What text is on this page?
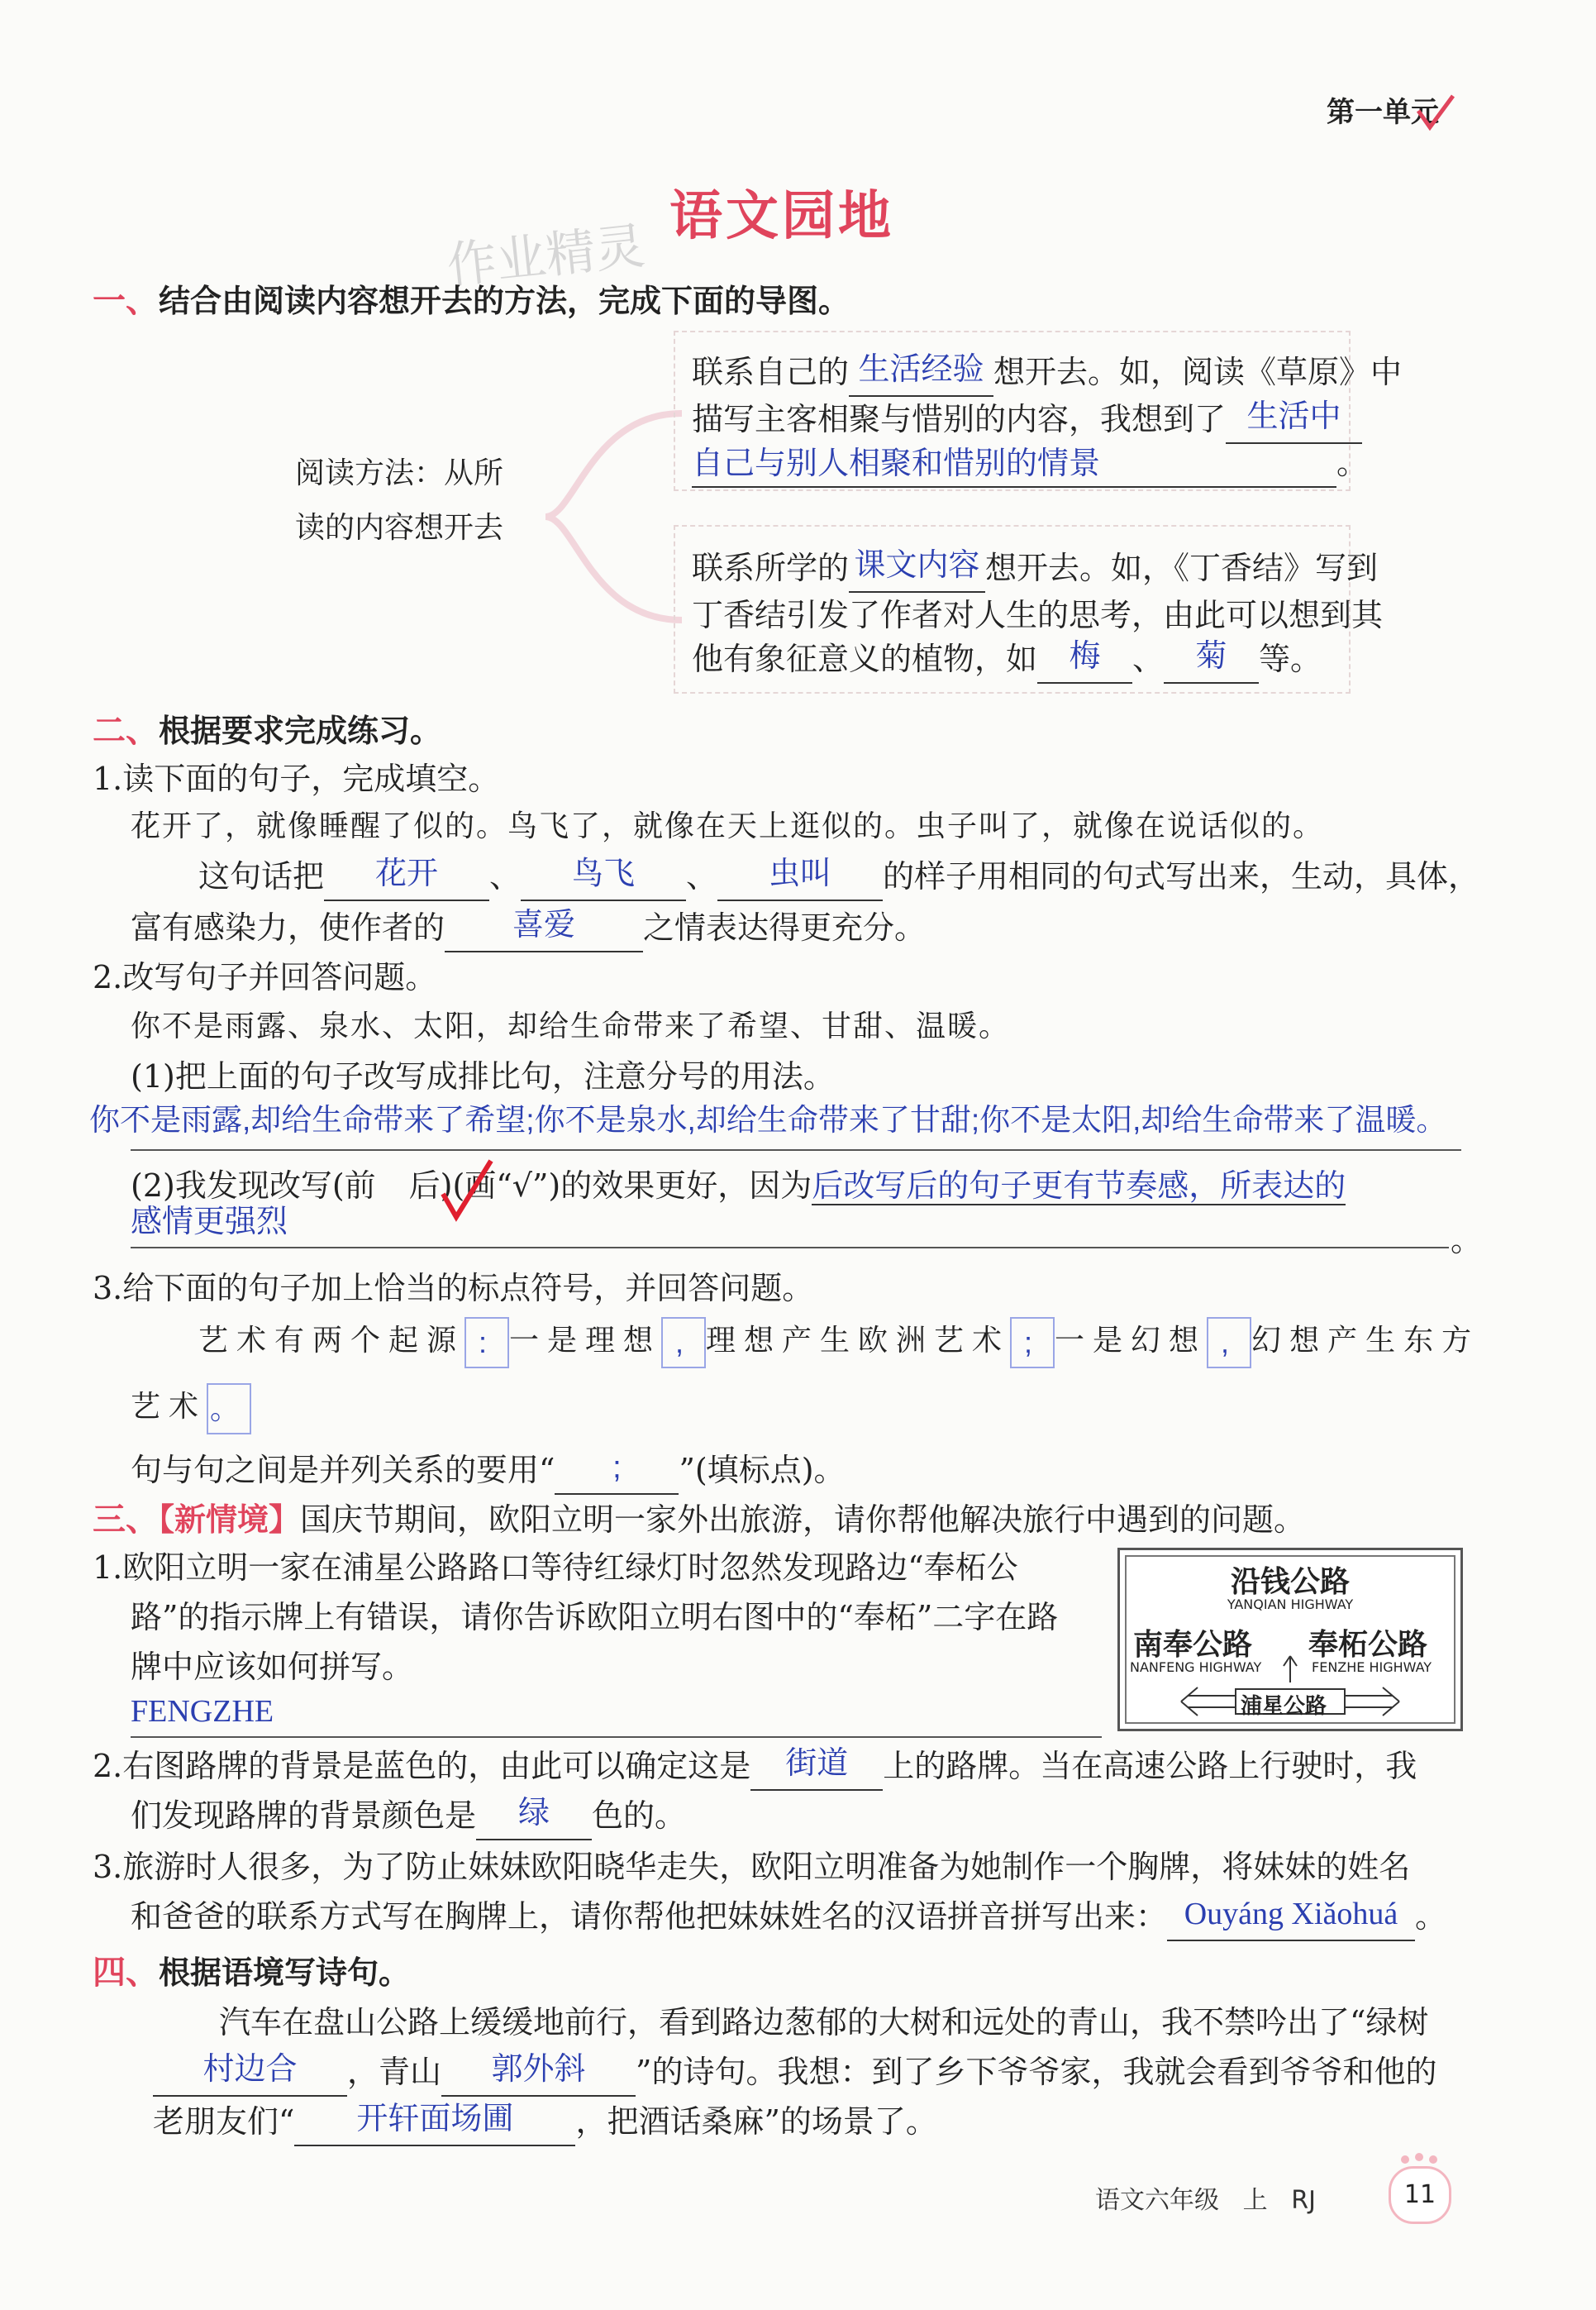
第一单元
语文园地
作业精灵
一、结合由阅读内容想开去的方法，完成下面的导图。
阅读方法：从所
读的内容想开去
联系自己的 生活经验 想开去。如，阅读《草原》中
描写主客相聚与惜别的内容，我想到了 生活中
自己与别人相聚和惜别的情景	。
联系所学的 课文内容 想开去。如，《丁香结》写到
丁香结引发了作者对人生的思考，由此可以想到其
他有象征意义的植物，如 梅 、 菊 等。
二、根据要求完成练习。
1.读下面的句子，完成填空。
花开了，就像睡醒了似的。鸟飞了，就像在天上逛似的。虫子叫了，就像在说话似的。
这句话把 花开 、 鸟飞 、 虫叫 的样子用相同的句式写出来，生动，具体，
富有感染力，使作者的 喜爱 之情表达得更充分。
2.改写句子并回答问题。
你不是雨露、泉水、太阳，却给生命带来了希望、甘甜、温暖。
(1)把上面的句子改写成排比句，注意分号的用法。
你不是雨露,却给生命带来了希望;你不是泉水,却给生命带来了甘甜;你不是太阳,却给生命带来了温暖。
(2)我发现改写(前 后)(画“√”)的效果更好，因为后改写后的句子更有节奏感，所表达的
感情更强烈	。
3.给下面的句子加上恰当的标点符号，并回答问题。
艺术有两个起源 : 一是理想 , 理想产生欧洲艺术 ; 一是幻想 , 幻想产生东方
艺术 。
句与句之间是并列关系的要用“ ; ”(填标点)。
三、【新情境】国庆节期间，欧阳立明一家外出旅游，请你帮他解决旅行中遇到的问题。
1.欧阳立明一家在浦星公路路口等待红绿灯时忽然发现路边“奉柘公
路”的指示牌上有错误，请你告诉欧阳立明右图中的“奉柘”二字在路
牌中应该如何拼写。
FENGZHE
沿钱公路
YANQIAN HIGHWAY
南奉公路
NANFENG HIGHWAY
奉柘公路
FENZHE HIGHWAY
浦星公路
2.右图路牌的背景是蓝色的，由此可以确定这是 街道 上的路牌。当在高速公路上行驶时，我
们发现路牌的背景颜色是 绿 色的。
3.旅游时人很多，为了防止妹妹欧阳晓华走失，欧阳立明准备为她制作一个胸牌，将妹妹的姓名
和爸爸的联系方式写在胸牌上，请你帮他把妹妹姓名的汉语拼音拼写出来： Ouyáng Xiǎohuá 。
四、根据语境写诗句。
汽车在盘山公路上缓缓地前行，看到路边葱郁的大树和远处的青山，我不禁吟出了“绿树
村边合 ，青山 郭外斜 ”的诗句。我想：到了乡下爷爷家，我就会看到爷爷和他的
老朋友们“ 开轩面场圃 ，把酒话桑麻”的场景了。
语文六年级 上 RJ	11
